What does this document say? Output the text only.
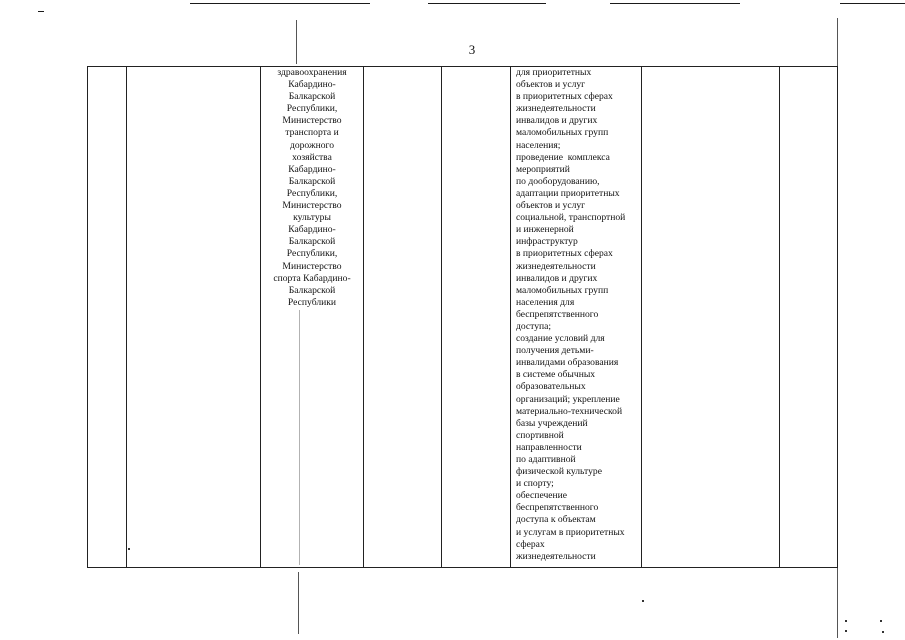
3

здравоохранения
Кабардино-
Балкарской
Республики,
Министерство
транспорта и
дорожного
хозяйства
Кабардино-
Балкарской
Республики,
Министерство
культуры
Кабардино-
Балкарской
Республики,
Министерство
спорта Кабардино-
Балкарской
Республики

для приоритетных
объектов и услуг
в приоритетных сферах
жизнедеятельности
инвалидов и других
маломобильных групп
населения;
проведение  комплекса
мероприятий
по дооборудованию,
адаптации приоритетных
объектов и услуг
социальной, транспортной
и инженерной
инфраструктур
в приоритетных сферах
жизнедеятельности
инвалидов и других
маломобильных групп
населения для
беспрепятственного
доступа;
создание условий для
получения детьми-
инвалидами образования
в системе обычных
образовательных
организаций; укрепление
материально-технической
базы учреждений
спортивной
направленности
по адаптивной
физической культуре
и спорту;
обеспечение
беспрепятственного
доступа к объектам
и услугам в приоритетных
сферах
жизнедеятельности
